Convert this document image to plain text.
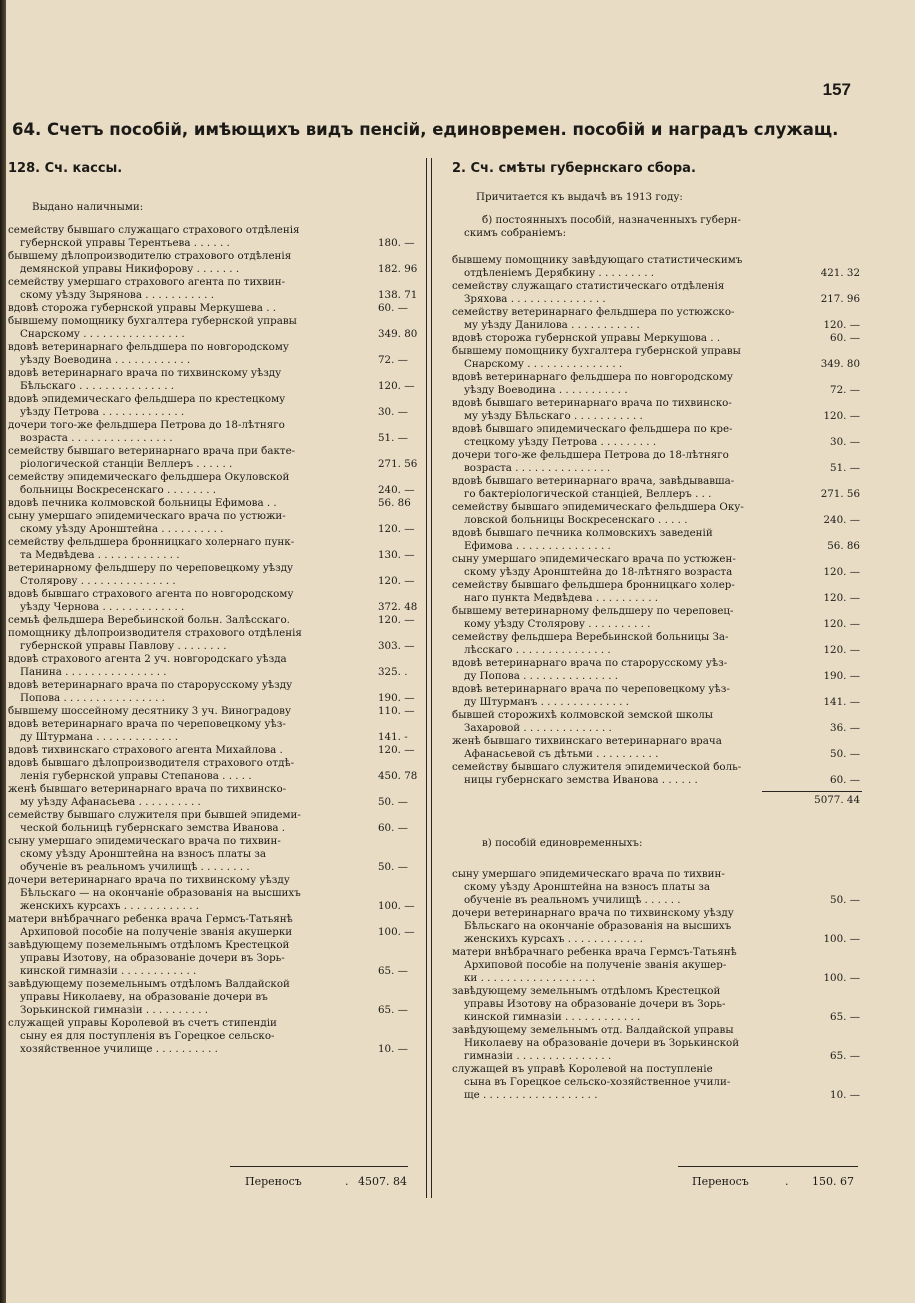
157
64. Счетъ пособій, имѣющихъ видъ пенсій, единовремен. пособій и наградъ служащ.
128. Сч. кассы.
Выдано наличными:
семейству бывшаго служащаго страхового отдѣленія
губернской управы Терентьева . . . . . .	180. —
бывшему дѣлопроизводителю страхового отдѣленія
демянской управы Никифорову . . . . . . .	182. 96
семейству умершаго страхового агента по тихвин-
скому уѣзду Зырянова . . . . . . . . . . .	138. 71
вдовѣ сторожа губернской управы Меркушева . .	60. —
бывшему помощнику бухгалтера губернской управы
Снарскому . . . . . . . . . . . . . . . .	349. 80
вдовѣ ветеринарнаго фельдшера по новгородскому
уѣзду Воеводина . . . . . . . . . . . .	72. —
вдовѣ ветеринарнаго врача по тихвинскому уѣзду
Бѣльскаго . . . . . . . . . . . . . . .	120. —
вдовѣ эпидемическаго фельдшера по крестецкому
уѣзду Петрова . . . . . . . . . . . . .	30. —
дочери того-же фельдшера Петрова до 18-лѣтняго
возраста . . . . . . . . . . . . . . . .	51. —
семейству бывшаго ветеринарнаго врача при бакте-
ріологической станціи Веллеръ . . . . . .	271. 56
семейству эпидемическаго фельдшера Окуловской
больницы Воскресенскаго . . . . . . . .	240. —
вдовѣ печника колмовской больницы Ефимова . .	56. 86
сыну умершаго эпидемическаго врача по устюжи-
скому уѣзду Аронштейна . . . . . . . . . .	120. —
семейству фельдшера бронницкаго холернаго пунк-
та Медвѣдева . . . . . . . . . . . . .	130. —
ветеринарному фельдшеру по череповецкому уѣзду
Столярову . . . . . . . . . . . . . . .	120. —
вдовѣ бывшаго страхового агента по новгородскому
уѣзду Чернова . . . . . . . . . . . . .	372. 48
семьѣ фельдшера Веребьинской больн. Залѣсскаго.	120. —
помощнику дѣлопроизводителя страхового отдѣленія
губернской управы Павлову . . . . . . . .	303. —
вдовѣ страхового агента 2 уч. новгородскаго уѣзда
Панина . . . . . . . . . . . . . . . .	325. .
вдовѣ ветеринарнаго врача по старорусскому уѣзду
Попова . . . . . . . . . . . . . . . .	190. —
бывшему шоссейному десятнику 3 уч. Виноградову	110. —
вдовѣ ветеринарнаго врача по череповецкому уѣз-
ду Штурмана . . . . . . . . . . . . .	141. -
вдовѣ тихвинскаго страхового агента Михайлова .	120. —
вдовѣ бывшаго дѣлопроизводителя страхового отдѣ-
ленія губернской управы Степанова . . . . .	450. 78
женѣ бывшаго ветеринарнаго врача по тихвинско-
му уѣзду Афанасьева . . . . . . . . . .	50. —
семейству бывшаго служителя при бывшей эпидеми-
ческой больницѣ губернскаго земства Иванова .	60. —
сыну умершаго эпидемическаго врача по тихвин-
скому уѣзду Аронштейна на взносъ платы за
обученіе въ реальномъ училищѣ . . . . . . . .	50. —
дочери ветеринарнаго врача по тихвинскому уѣзду
Бѣльскаго — на окончаніе образованія на высшихъ
женскихъ курсахъ . . . . . . . . . . . .	100. —
матери внѣбрачнаго ребенка врача Гермсъ-Татьянѣ
Архиповой пособіе на полученіе званія акушерки	100. —
завѣдующему поземельнымъ отдѣломъ Крестецкой
управы Изотову, на образованіе дочери въ Зорь-
кинской гимназіи . . . . . . . . . . . .	65. —
завѣдующему поземельнымъ отдѣломъ Валдайской
управы Николаеву, на образованіе дочери въ
Зорькинской гимназіи . . . . . . . . . .	65. —
служащей управы Королевой въ счетъ стипендіи
сыну ея для поступленія въ Горецкое сельско-
хозяйственное училище . . . . . . . . . .	10. —
2. Сч. смѣты губернскаго сбора.
Причитается къ выдачѣ въ 1913 году:
б) постоянныхъ пособій, назначенныхъ губерн-
скимъ собраніемъ:
бывшему помощнику завѣдующаго статистическимъ
отдѣленіемъ Дерябкину . . . . . . . . .	421. 32
семейству служащаго статистическаго отдѣленія
Зряхова . . . . . . . . . . . . . . .	217. 96
семейству ветеринарнаго фельдшера по устюжско-
му уѣзду Данилова . . . . . . . . . . .	120. —
вдовѣ сторожа губернской управы Меркушова . .	60. —
бывшему помощнику бухгалтера губернской управы
Снарскому . . . . . . . . . . . . . . .	349. 80
вдовѣ ветеринарнаго фельдшера по новгородскому
уѣзду Воеводина . . . . . . . . . . .	72. —
вдовѣ бывшаго ветеринарнаго врача по тихвинско-
му уѣзду Бѣльскаго . . . . . . . . . . .	120. —
вдовѣ бывшаго эпидемическаго фельдшера по кре-
стецкому уѣзду Петрова . . . . . . . . .	30. —
дочери того-же фельдшера Петрова до 18-лѣтняго
возраста . . . . . . . . . . . . . . .	51. —
вдовѣ бывшаго ветеринарнаго врача, завѣдывавша-
го бактеріологической станціей, Веллеръ . . .	271. 56
семейству бывшаго эпидемическаго фельдшера Оку-
ловской больницы Воскресенскаго . . . . .	240. —
вдовѣ бывшаго печника колмовскихъ заведеній
Ефимова . . . . . . . . . . . . . . .	56. 86
сыну умершаго эпидемическаго врача по устюжен-
скому уѣзду Аронштейна до 18-лѣтняго возраста	120. —
семейству бывшаго фельдшера бронницкаго холер-
наго пункта Медвѣдева . . . . . . . . . .	120. —
бывшему ветеринарному фельдшеру по череповец-
кому уѣзду Столярову . . . . . . . . . .	120. —
семейству фельдшера Веребьинской больницы За-
лѣсскаго . . . . . . . . . . . . . . .	120. —
вдовѣ ветеринарнаго врача по старорусскому уѣз-
ду Попова . . . . . . . . . . . . . . .	190. —
вдовѣ ветеринарнаго врача по череповецкому уѣз-
ду Штурманъ . . . . . . . . . . . . . .	141. —
бывшей сторожихѣ колмовской земской школы
Захаровой . . . . . . . . . . . . . .	36. —
женѣ бывшаго тихвинскаго ветеринарнаго врача
Афанасьевой съ дѣтьми . . . . . . . . . .	50. —
семейству бывшаго служителя эпидемической боль-
ницы губернскаго земства Иванова . . . . . .	60. —
5077. 44
в) пособій единовременныхъ:
сыну умершаго эпидемическаго врача по тихвин-
скому уѣзду Аронштейна на взносъ платы за
обученіе въ реальномъ училищѣ . . . . . .	50. —
дочери ветеринарнаго врача по тихвинскому уѣзду
Бѣльскаго на окончаніе образованія на высшихъ
женскихъ курсахъ . . . . . . . . . . . .	100. —
матери внѣбрачнаго ребенка врача Гермсъ-Татьянѣ
Архиповой пособіе на полученіе званія акушер-
ки . . . . . . . . . . . . . . . . . .	100. —
завѣдующему земельнымъ отдѣломъ Крестецкой
управы Изотову на образованіе дочери въ Зорь-
кинской гимназіи . . . . . . . . . . . .	65. —
завѣдующему земельнымъ отд. Валдайской управы
Николаеву на образованіе дочери въ Зорькинской
гимназіи . . . . . . . . . . . . . . .	65. —
служащей въ управѣ Королевой на поступленіе
сына въ Горецкое сельско-хозяйственное учили-
ще . . . . . . . . . . . . . . . . . .	10. —
Переносъ	. 4507. 84	Переносъ	. 150. 67
